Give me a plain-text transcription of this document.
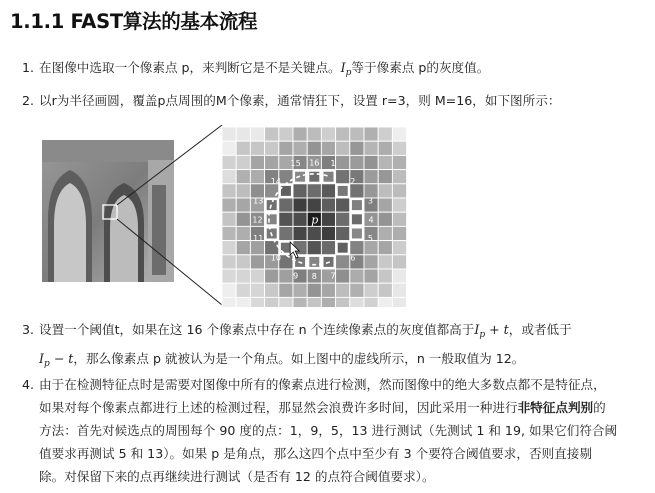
1.1.1 FAST算法的基本流程
1. 在图像中选取一个像素点 p，来判断它是不是关键点。$I_p$等于像素点 p的灰度值。
2. 以r为半径画圆，覆盖p点周围的M个像素，通常情狂下，设置 r=3，则 M=16，如下图所示：
16 1
2
3
4
5
6
7
8
9
10
11
12
13
14
15
p
3. 设置一个阈值t，如果在这 16 个像素点中存在 n 个连续像素点的灰度值都高于$I_p + t$，或者低于
$I_p - t$，那么像素点 p 就被认为是一个角点。如上图中的虚线所示，n 一般取值为 12。
4. 由于在检测特征点时是需要对图像中所有的像素点进行检测，然而图像中的绝大多数点都不是特征点，
如果对每个像素点都进行上述的检测过程，那显然会浪费许多时间，因此采用一种进行非特征点判别的
方法：首先对候选点的周围每个 90 度的点：1，9，5，13 进行测试（先测试 1 和 19, 如果它们符合阈
值要求再测试 5 和 13）。如果 p 是角点，那么这四个点中至少有 3 个要符合阈值要求，否则直接剔
除。对保留下来的点再继续进行测试（是否有 12 的点符合阈值要求）。
